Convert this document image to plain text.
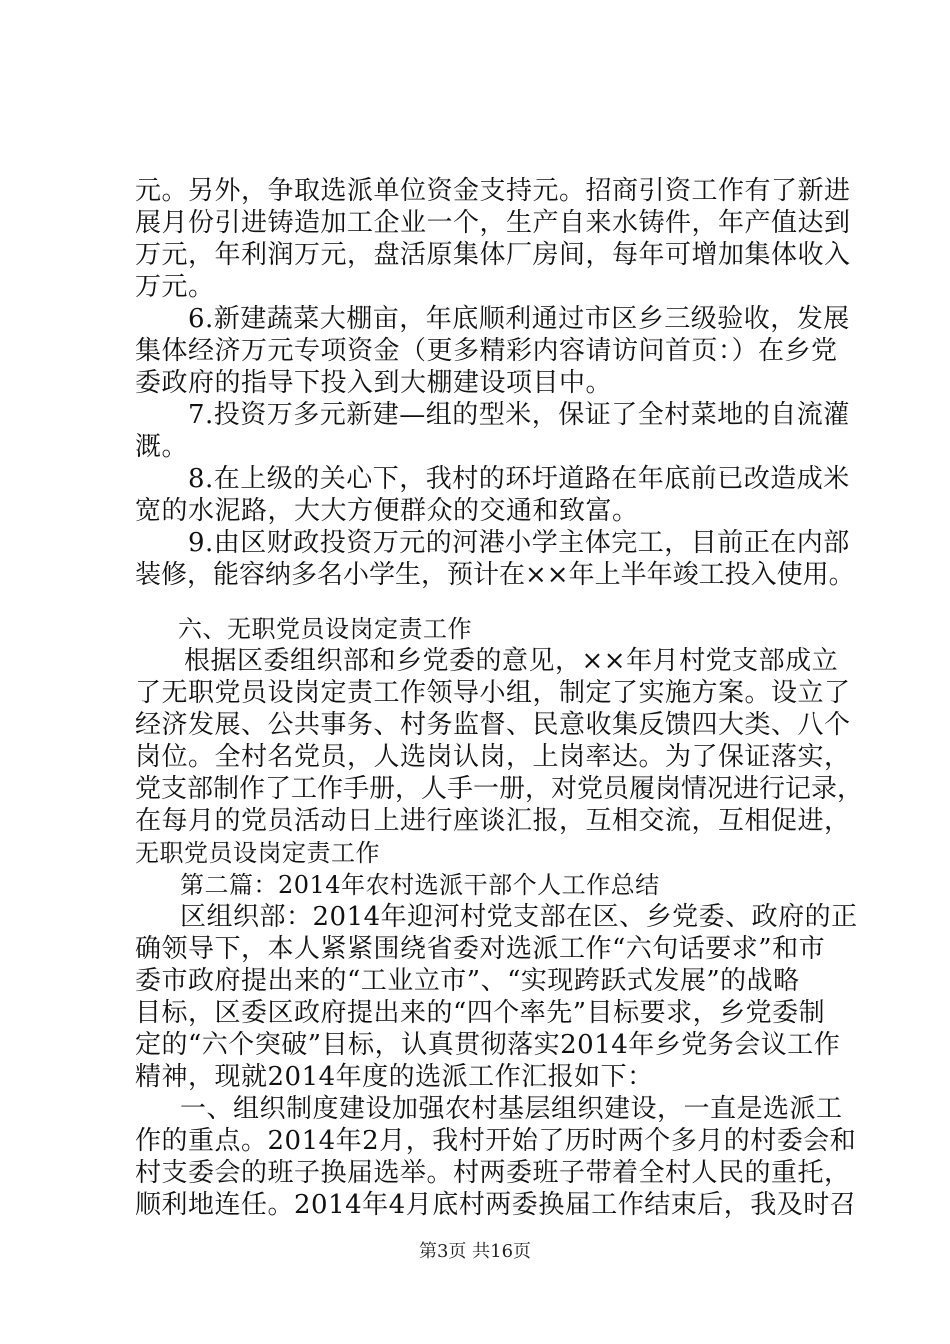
元。另外，争取选派单位资金支持元。招商引资工作有了新进
展月份引进铸造加工企业一个，生产自来水铸件，年产值达到
万元，年利润万元，盘活原集体厂房间，每年可增加集体收入
万元。
6.新建蔬菜大棚亩，年底顺利通过市区乡三级验收，发展
集体经济万元专项资金（更多精彩内容请访问首页：）在乡党
委政府的指导下投入到大棚建设项目中。
7.投资万多元新建—组的型米，保证了全村菜地的自流灌
溉。
8.在上级的关心下，我村的环圩道路在年底前已改造成米
宽的水泥路，大大方便群众的交通和致富。
9.由区财政投资万元的河港小学主体完工，目前正在内部
装修，能容纳多名小学生，预计在××年上半年竣工投入使用。
六、无职党员设岗定责工作
根据区委组织部和乡党委的意见，××年月村党支部成立
了无职党员设岗定责工作领导小组，制定了实施方案。设立了
经济发展、公共事务、村务监督、民意收集反馈四大类、八个
岗位。全村名党员，人选岗认岗，上岗率达。为了保证落实，
党支部制作了工作手册，人手一册，对党员履岗情况进行记录，
在每月的党员活动日上进行座谈汇报，互相交流，互相促进，
无职党员设岗定责工作
第二篇：2014年农村选派干部个人工作总结
区组织部：2014年迎河村党支部在区、乡党委、政府的正
确领导下，本人紧紧围绕省委对选派工作“六句话要求”和市
委市政府提出来的“工业立市”、“实现跨跃式发展”的战略
目标，区委区政府提出来的“四个率先”目标要求，乡党委制
定的“六个突破”目标，认真贯彻落实2014年乡党务会议工作
精神，现就2014年度的选派工作汇报如下：
一、组织制度建设加强农村基层组织建设，一直是选派工
作的重点。2014年2月，我村开始了历时两个多月的村委会和
村支委会的班子换届选举。村两委班子带着全村人民的重托，
顺利地连任。2014年4月底村两委换届工作结束后，我及时召
第3页 共16页
